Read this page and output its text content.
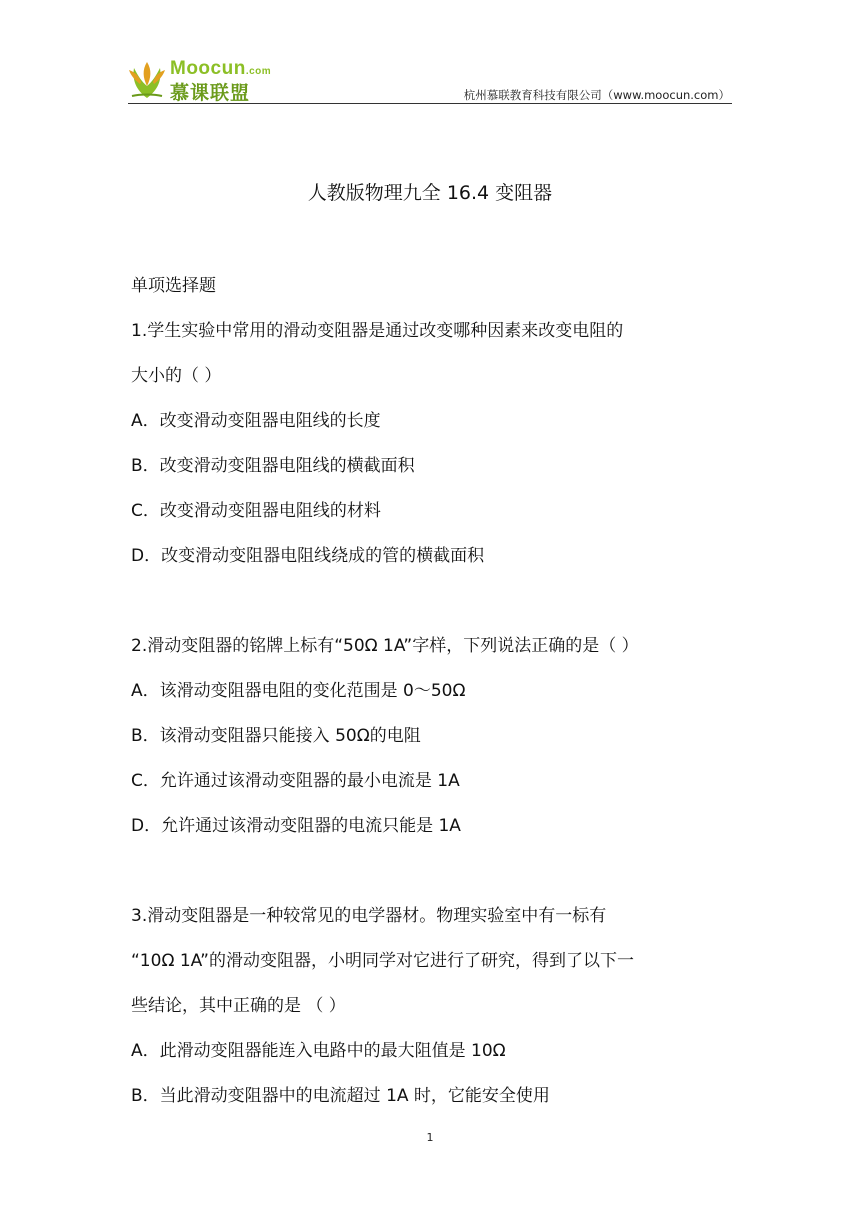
Moocun.com
慕课联盟	杭州慕联教育科技有限公司（www.moocun.com）
人教版物理九全 16.4 变阻器
单项选择题
1.学生实验中常用的滑动变阻器是通过改变哪种因素来改变电阻的
大小的（ ）
A．改变滑动变阻器电阻线的长度
B．改变滑动变阻器电阻线的横截面积
C．改变滑动变阻器电阻线的材料
D．改变滑动变阻器电阻线绕成的管的横截面积
2.滑动变阻器的铭牌上标有“50Ω 1A”字样，下列说法正确的是（ ）
A．该滑动变阻器电阻的变化范围是 0～50Ω
B．该滑动变阻器只能接入 50Ω的电阻
C．允许通过该滑动变阻器的最小电流是 1A
D．允许通过该滑动变阻器的电流只能是 1A
3.滑动变阻器是一种较常见的电学器材。物理实验室中有一标有
“10Ω 1A”的滑动变阻器，小明同学对它进行了研究，得到了以下一
些结论，其中正确的是 （ ）
A．此滑动变阻器能连入电路中的最大阻值是 10Ω
B．当此滑动变阻器中的电流超过 1A 时，它能安全使用
1
